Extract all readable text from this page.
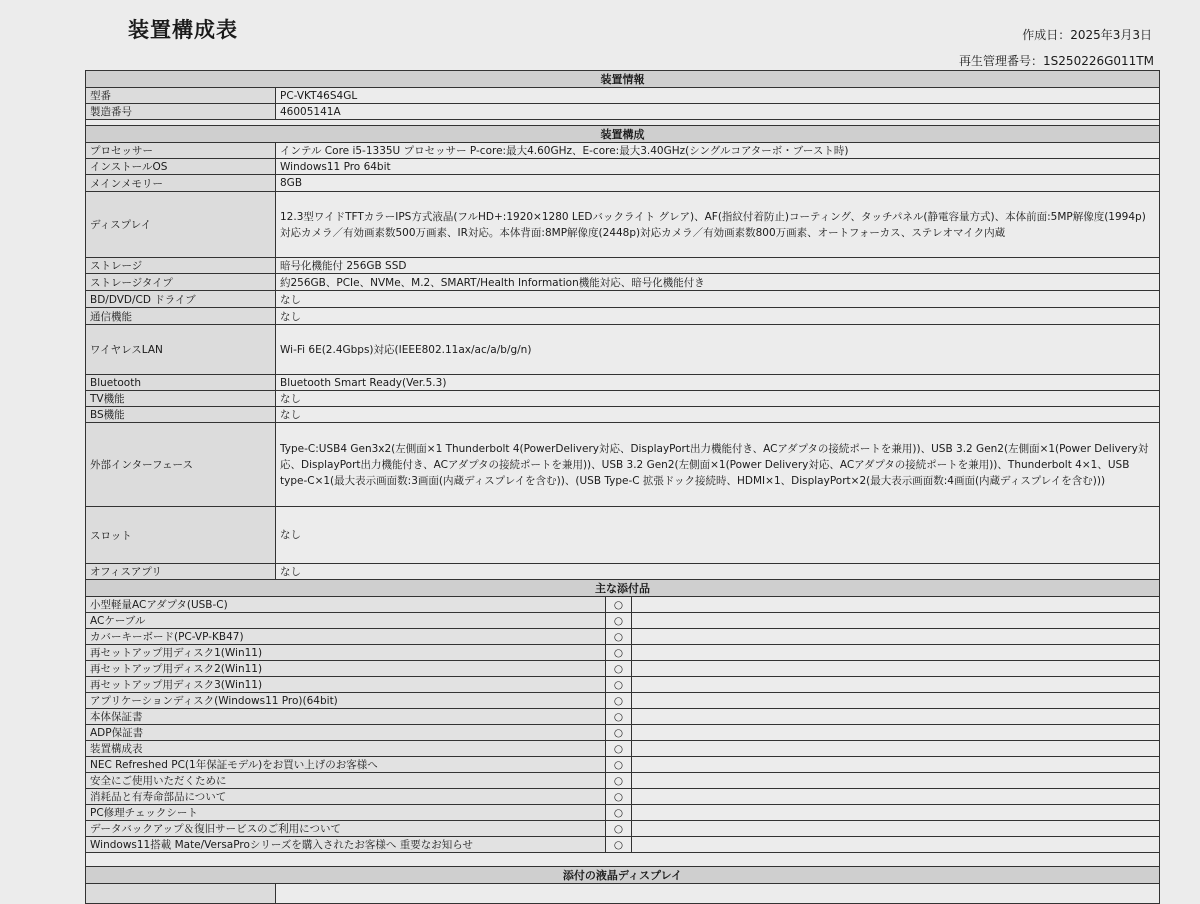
装置構成表	作成日：2025年3月3日
再生管理番号：1S250226G011TM
装置情報			
型番	PC-VKT46S4GL		
製造番号	46005141A		

装置構成			
プロセッサー	インテル Core i5-1335U プロセッサー P-core:最大4.60GHz、E-core:最大3.40GHz(シングルコアターボ・ブースト時)		
インストールOS	Windows11 Pro 64bit		
メインメモリー	8GB		
ディスプレイ	12.3型ワイドTFTカラーIPS方式液晶(フルHD+:1920×1280 LEDバックライト グレア)、AF(指紋付着防止)コーティング、タッチパネル(静電容量方式)、本体前面:5MP解像度(1994p)対応カメラ／有効画素数500万画素、IR対応。本体背面:8MP解像度(2448p)対応カメラ／有効画素数800万画素、オートフォーカス、ステレオマイク内蔵		
ストレージ	暗号化機能付 256GB SSD		
ストレージタイプ	約256GB、PCIe、NVMe、M.2、SMART/Health Information機能対応、暗号化機能付き		
BD/DVD/CD ドライブ	なし		
通信機能	なし		
ワイヤレスLAN	Wi-Fi 6E(2.4Gbps)対応(IEEE802.11ax/ac/a/b/g/n)		
Bluetooth	Bluetooth Smart Ready(Ver.5.3)		
TV機能	なし		
BS機能	なし		
外部インターフェース	Type-C:USB4 Gen3x2(左側面×1 Thunderbolt 4(PowerDelivery対応、DisplayPort出力機能付き、ACアダプタの接続ポートを兼用))、USB 3.2 Gen2(左側面×1(Power Delivery対応、DisplayPort出力機能付き、ACアダプタの接続ポートを兼用))、USB 3.2 Gen2(左側面×1(Power Delivery対応、ACアダプタの接続ポートを兼用))、Thunderbolt 4×1、USB type-C×1(最大表示画面数:3画面(内蔵ディスプレイを含む))、(USB Type-C 拡張ドック接続時、HDMI×1、DisplayPort×2(最大表示画面数:4画面(内蔵ディスプレイを含む)))		
スロット	なし		
オフィスアプリ	なし		
主な添付品			
小型軽量ACアダプタ(USB-C)		○	
ACケーブル		○	
カバーキーボード(PC-VP-KB47)		○	
再セットアップ用ディスク1(Win11)		○	
再セットアップ用ディスク2(Win11)		○	
再セットアップ用ディスク3(Win11)		○	
アプリケーションディスク(Windows11 Pro)(64bit)		○	
本体保証書		○	
ADP保証書		○	
装置構成表		○	
NEC Refreshed PC(1年保証モデル)をお買い上げのお客様へ		○	
安全にご使用いただくために		○	
消耗品と有寿命部品について		○	
PC修理チェックシート		○	
データバックアップ＆復旧サービスのご利用について		○	
Windows11搭載 Mate/VersaProシリーズを購入されたお客様へ 重要なお知らせ		○	

添付の液晶ディスプレイ			
